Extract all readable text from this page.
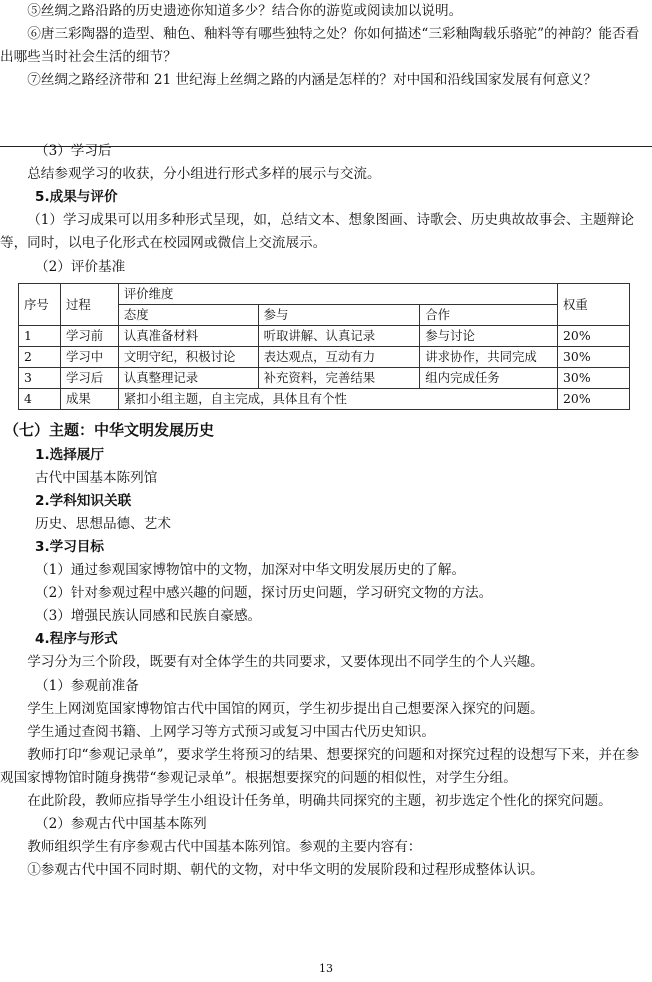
⑤丝绸之路沿路的历史遗迹你知道多少？结合你的游览或阅读加以说明。

⑥唐三彩陶器的造型、釉色、釉料等有哪些独特之处？你如何描述“三彩釉陶载乐骆驼”的神韵？能否看出哪些当时社会生活的细节？

⑦丝绸之路经济带和 21 世纪海上丝绸之路的内涵是怎样的？对中国和沿线国家发展有何意义？

（3）学习后

总结参观学习的收获，分小组进行形式多样的展示与交流。

5.成果与评价

（1）学习成果可以用多种形式呈现，如，总结文本、想象图画、诗歌会、历史典故故事会、主题辩论等，同时，以电子化形式在校园网或微信上交流展示。

（2）评价基准

序号	过程	评价维度			权重
		态度	参与	合作	
1	学习前	认真准备材料	听取讲解、认真记录	参与讨论	20%
2	学习中	文明守纪，积极讨论	表达观点，互动有力	讲求协作，共同完成	30%
3	学习后	认真整理记录	补充资料，完善结果	组内完成任务	30%
4	成果	紧扣小组主题，自主完成，具体且有个性			20%

（七）主题：中华文明发展历史

1.选择展厅

古代中国基本陈列馆

2.学科知识关联

历史、思想品德、艺术

3.学习目标

（1）通过参观国家博物馆中的文物，加深对中华文明发展历史的了解。

（2）针对参观过程中感兴趣的问题，探讨历史问题，学习研究文物的方法。

（3）增强民族认同感和民族自豪感。

4.程序与形式

学习分为三个阶段，既要有对全体学生的共同要求，又要体现出不同学生的个人兴趣。

（1）参观前准备

学生上网浏览国家博物馆古代中国馆的网页，学生初步提出自己想要深入探究的问题。

学生通过查阅书籍、上网学习等方式预习或复习中国古代历史知识。

教师打印“参观记录单”，要求学生将预习的结果、想要探究的问题和对探究过程的设想写下来，并在参观国家博物馆时随身携带“参观记录单”。根据想要探究的问题的相似性，对学生分组。

在此阶段，教师应指导学生小组设计任务单，明确共同探究的主题，初步选定个性化的探究问题。

（2）参观古代中国基本陈列

教师组织学生有序参观古代中国基本陈列馆。参观的主要内容有：

①参观古代中国不同时期、朝代的文物，对中华文明的发展阶段和过程形成整体认识。

13
